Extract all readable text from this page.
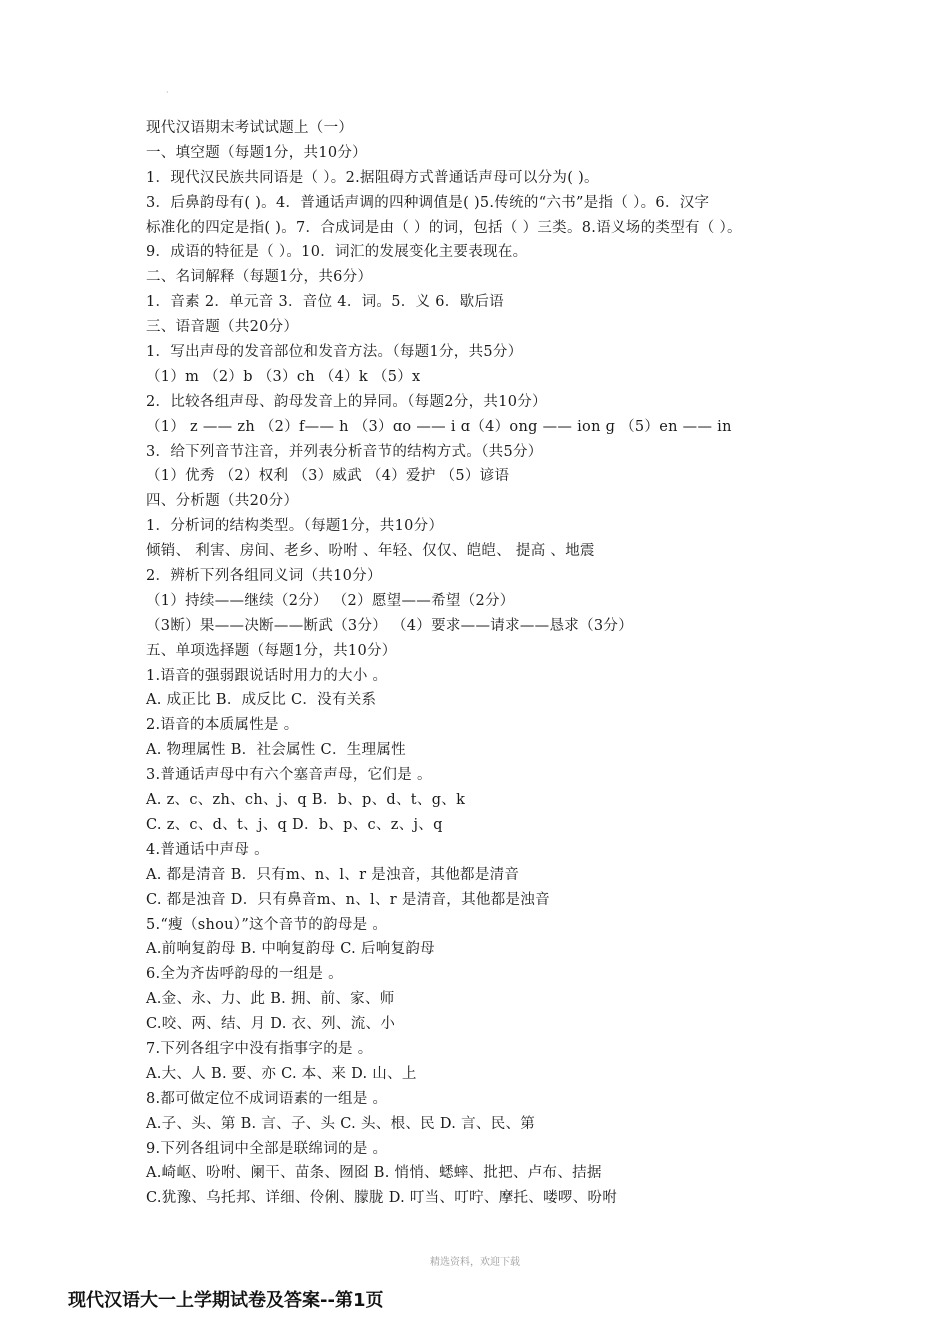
·
现代汉语期末考试试题上（一）
一、填空题（每题1分，共10分）
1．现代汉民族共同语是（ ）。2.据阻碍方式普通话声母可以分为( )。
3．后鼻韵母有( )。4．普通话声调的四种调值是( )5.传统的“六书”是指（ ）。6．汉字
标准化的四定是指( )。7．合成词是由（ ）的词，包括（ ）三类。8.语义场的类型有（ ）。
9．成语的特征是（ ）。10．词汇的发展变化主要表现在。
二、名词解释（每题1分，共6分）
1．音素 2．单元音 3．音位 4．词。5．义 6．歇后语
三、语音题（共20分）
1．写出声母的发音部位和发音方法。（每题1分，共5分）
（1）m （2）b （3）ch （4）k （5）x
2．比较各组声母、韵母发音上的异同。（每题2分，共10分）
（1） z —— zh （2）f—— h （3）ɑo —— i ɑ（4）ong —— ion ɡ （5）en —— in
3．给下列音节注音，并列表分析音节的结构方式。（共5分）
（1）优秀 （2）权利 （3）威武 （4）爱护 （5）谚语
四、分析题（共20分）
1．分析词的结构类型。（每题1分，共10分）
倾销、 利害、房间、老乡、吩咐 、年轻、仅仅、皑皑、 提高 、地震
2．辨析下列各组同义词（共10分）
（1）持续——继续（2分） （2）愿望——希望（2分）
（3断）果——决断——断武（3分） （4）要求——请求——恳求（3分）
五、单项选择题（每题1分，共10分）
1.语音的强弱跟说话时用力的大小 。
A. 成正比 B．成反比 C．没有关系
2.语音的本质属性是 。
A. 物理属性 B．社会属性 C．生理属性
3.普通话声母中有六个塞音声母，它们是 。
A. z、c、zh、ch、j、q B．b、p、d、t、g、k
C. z、c、d、t、j、q D．b、p、c、z、j、q
4.普通话中声母 。
A. 都是清音 B．只有m、n、l、r 是浊音，其他都是清音
C. 都是浊音 D．只有鼻音m、n、l、r 是清音，其他都是浊音
5.“瘦（shou）”这个音节的韵母是 。
A.前响复韵母 B. 中响复韵母 C. 后响复韵母
6.全为齐齿呼韵母的一组是 。
A.金、永、力、此 B. 拥、前、家、师
C.咬、两、结、月 D. 衣、列、流、小
7.下列各组字中没有指事字的是 。
A.大、人 B. 要、亦 C. 本、来 D. 山、上
8.都可做定位不成词语素的一组是 。
A.子、头、第 B. 言、子、头 C. 头、根、民 D. 言、民、第
9.下列各组词中全部是联绵词的是 。
A.崎岖、吩咐、阑干、苗条、囫囵 B. 悄悄、蟋蟀、批把、卢布、拮据
C.犹豫、乌托邦、详细、伶俐、朦胧 D. 叮当、叮咛、摩托、喽啰、吩咐
精选资料，欢迎下载
现代汉语大一上学期试卷及答案--第1页
